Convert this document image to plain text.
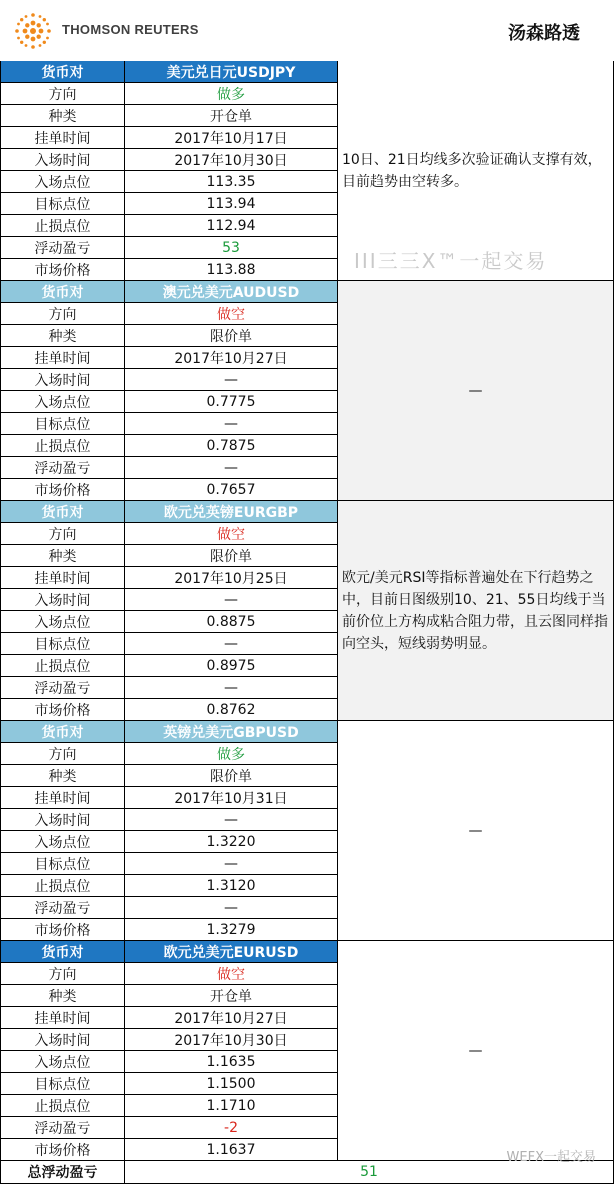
THOMSON REUTERS	汤森路透
货币对	美元兑日元USDJPY
方向	做多
种类	开仓单
挂单时间	2017年10月17日
入场时间	2017年10月30日
入场点位	113.35
目标点位	113.94
止损点位	112.94
浮动盈亏	53
市场价格	113.88
10日、21日均线多次验证确认支撑有效，目前趋势由空转多。
货币对	澳元兑美元AUDUSD
方向	做空
种类	限价单
挂单时间	2017年10月27日
入场时间	—
入场点位	0.7775
目标点位	—
止损点位	0.7875
浮动盈亏	—
市场价格	0.7657
—
货币对	欧元兑英镑EURGBP
方向	做空
种类	限价单
挂单时间	2017年10月25日
入场时间	—
入场点位	0.8875
目标点位	—
止损点位	0.8975
浮动盈亏	—
市场价格	0.8762
欧元/美元RSI等指标普遍处在下行趋势之中，目前日图级别10、21、55日均线于当前价位上方构成粘合阻力带，且云图同样指向空头，短线弱势明显。
货币对	英镑兑美元GBPUSD
方向	做多
种类	限价单
挂单时间	2017年10月31日
入场时间	—
入场点位	1.3220
目标点位	—
止损点位	1.3120
浮动盈亏	—
市场价格	1.3279
—
货币对	欧元兑美元EURUSD
方向	做空
种类	开仓单
挂单时间	2017年10月27日
入场时间	2017年10月30日
入场点位	1.1635
目标点位	1.1500
止损点位	1.1710
浮动盈亏	-2
市场价格	1.1637
—
III三三X™一起交易
总浮动盈亏	51
WEFX一起交易
